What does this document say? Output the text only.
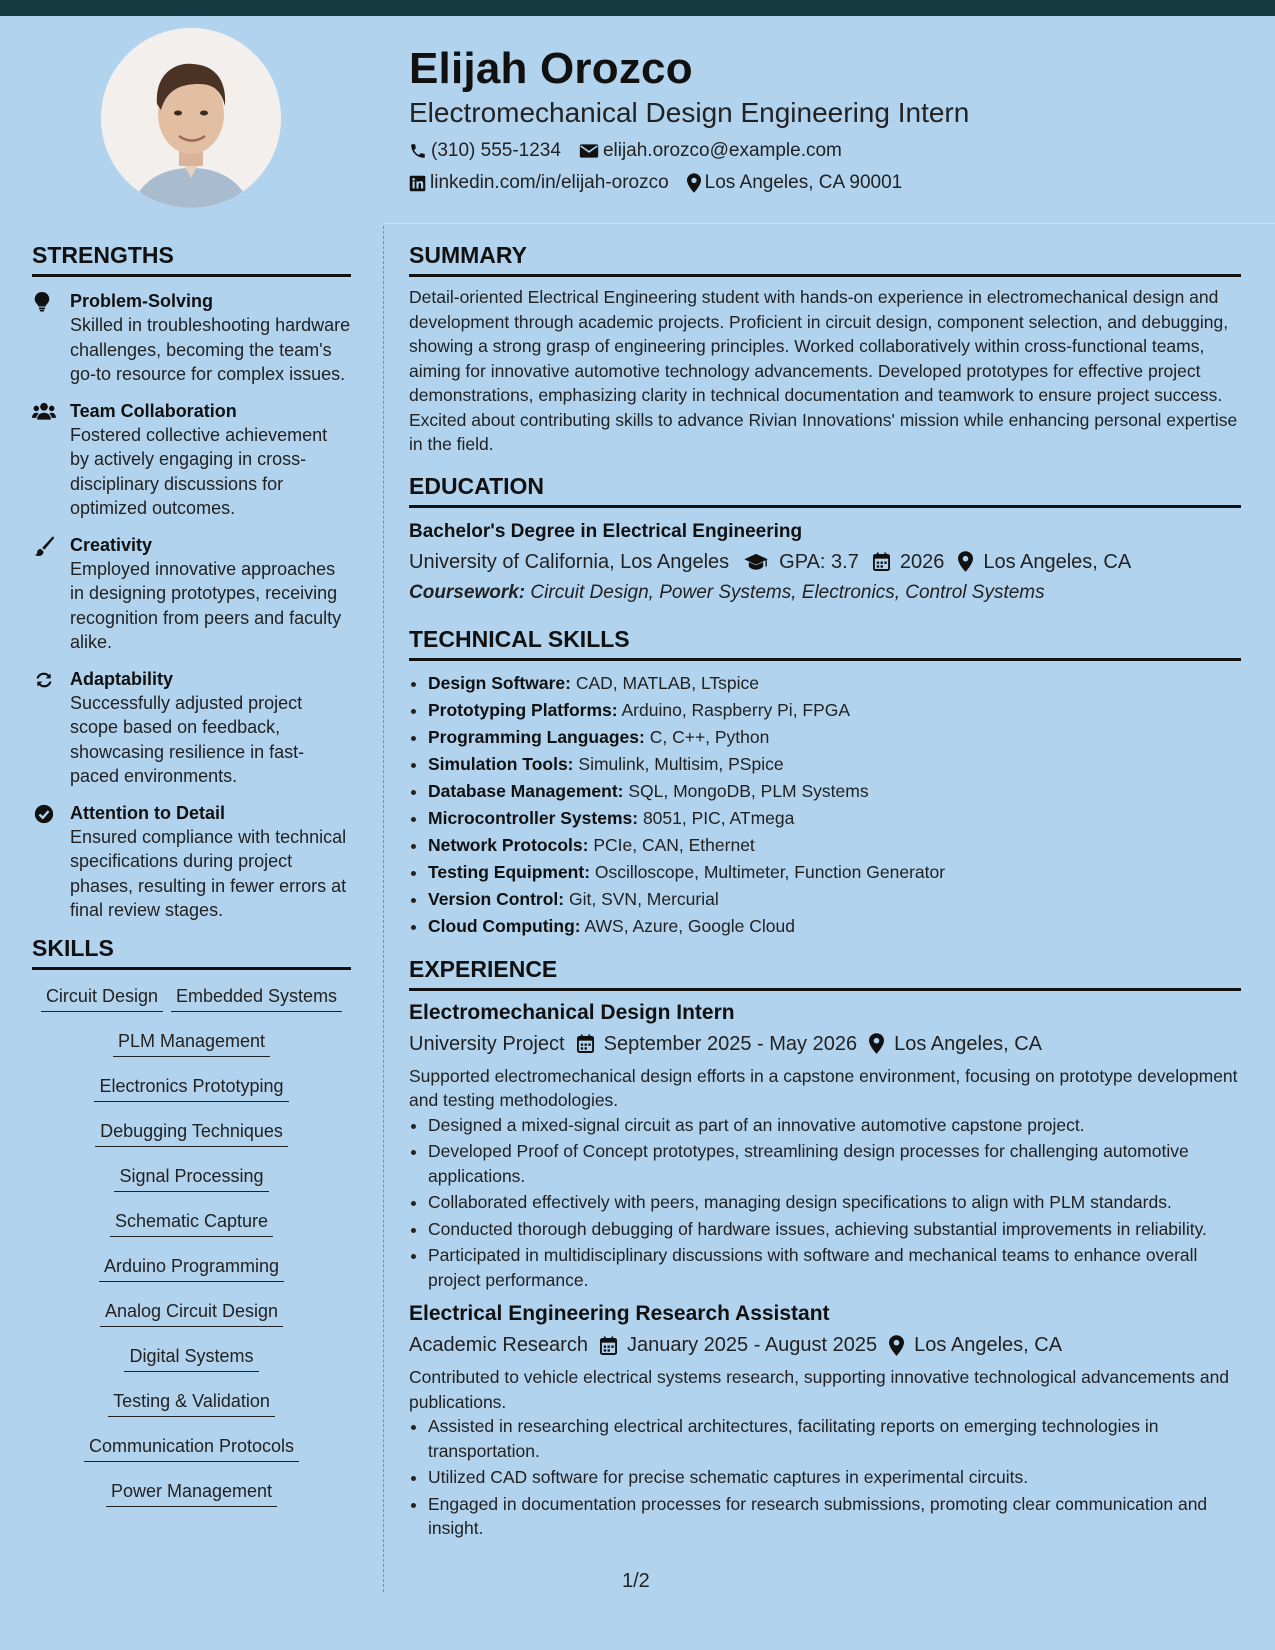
Elijah Orozco
Electromechanical Design Engineering Intern
(310) 555-1234 elijah.orozco@example.com
linkedin.com/in/elijah-orozco Los Angeles, CA 90001
STRENGTHS
Problem-Solving
Skilled in troubleshooting hardware challenges, becoming the team's go-to resource for complex issues.
Team Collaboration
Fostered collective achievement by actively engaging in cross-disciplinary discussions for optimized outcomes.
Creativity
Employed innovative approaches in designing prototypes, receiving recognition from peers and faculty alike.
Adaptability
Successfully adjusted project scope based on feedback, showcasing resilience in fast-paced environments.
Attention to Detail
Ensured compliance with technical specifications during project phases, resulting in fewer errors at final review stages.
SKILLS
Circuit Design Embedded Systems
PLM Management
Electronics Prototyping
Debugging Techniques
Signal Processing
Schematic Capture
Arduino Programming
Analog Circuit Design
Digital Systems
Testing & Validation
Communication Protocols
Power Management
SUMMARY
Detail-oriented Electrical Engineering student with hands-on experience in electromechanical design and development through academic projects. Proficient in circuit design, component selection, and debugging, showing a strong grasp of engineering principles. Worked collaboratively within cross-functional teams, aiming for innovative automotive technology advancements. Developed prototypes for effective project demonstrations, emphasizing clarity in technical documentation and teamwork to ensure project success. Excited about contributing skills to advance Rivian Innovations' mission while enhancing personal expertise in the field.
EDUCATION
Bachelor's Degree in Electrical Engineering
University of California, Los Angeles	GPA: 3.7 2026 Los Angeles, CA
Coursework: Circuit Design, Power Systems, Electronics, Control Systems
TECHNICAL SKILLS
• Design Software: CAD, MATLAB, LTspice
• Prototyping Platforms: Arduino, Raspberry Pi, FPGA
• Programming Languages: C, C++, Python
• Simulation Tools: Simulink, Multisim, PSpice
• Database Management: SQL, MongoDB, PLM Systems
• Microcontroller Systems: 8051, PIC, ATmega
• Network Protocols: PCIe, CAN, Ethernet
• Testing Equipment: Oscilloscope, Multimeter, Function Generator
• Version Control: Git, SVN, Mercurial
• Cloud Computing: AWS, Azure, Google Cloud
EXPERIENCE
Electromechanical Design Intern
University Project September 2025 - May 2026 Los Angeles, CA
Supported electromechanical design efforts in a capstone environment, focusing on prototype development and testing methodologies.
• Designed a mixed-signal circuit as part of an innovative automotive capstone project.
• Developed Proof of Concept prototypes, streamlining design processes for challenging automotive applications.
• Collaborated effectively with peers, managing design specifications to align with PLM standards.
• Conducted thorough debugging of hardware issues, achieving substantial improvements in reliability.
• Participated in multidisciplinary discussions with software and mechanical teams to enhance overall project performance.
Electrical Engineering Research Assistant
Academic Research January 2025 - August 2025 Los Angeles, CA
Contributed to vehicle electrical systems research, supporting innovative technological advancements and publications.
• Assisted in researching electrical architectures, facilitating reports on emerging technologies in transportation.
• Utilized CAD software for precise schematic captures in experimental circuits.
• Engaged in documentation processes for research submissions, promoting clear communication and insight.
1/2
